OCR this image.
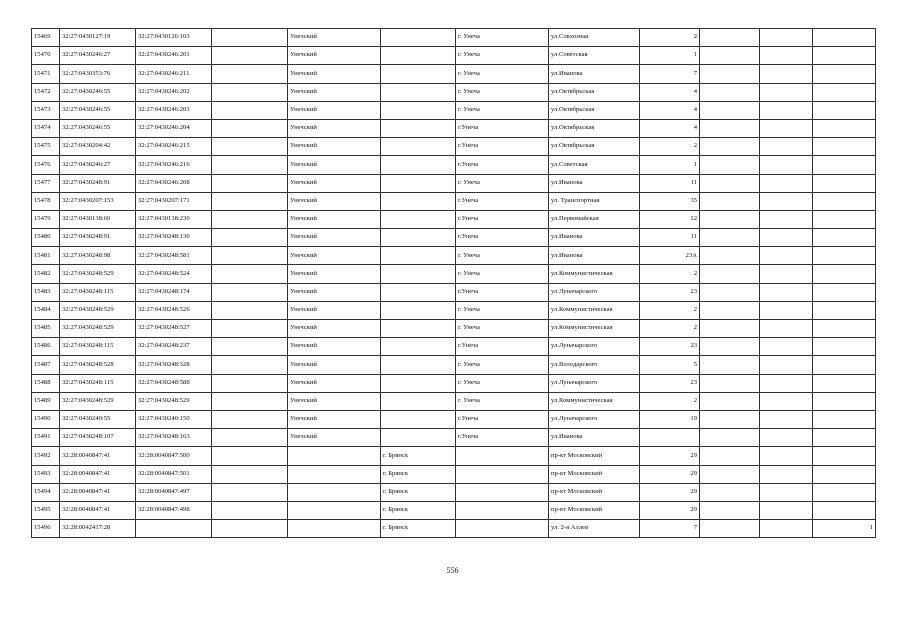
15469	32:27:0430127:19	32:27:0430126:103		Унечский		г. Унеча	ул.Совхозная	2			
15470	32:27:0430246:27	32:27:0430246:201		Унечский		г. Унеча	ул.Советская	1			
15471	32:27:0430353:76	32:27:0430246:211		Унечский		г. Унеча	ул.Иванова	7			
15472	32:27:0430246:55	32:27:0430246:202		Унечский		г. Унеча	ул.Октябрьская	4			
15473	32:27:0430246:55	32:27:0430246:203		Унечский		г. Унеча	ул.Октябрьская	4			
15474	32:27:0430246:55	32:27:0430246:204		Унечский		г.Унеча	ул.Октябрьская	4			
15475	32:27:0430204:42	32:27:0430246:215		Унечский		г.Унеча	ул.Октябрьская	2			
15476	32:27:0430246:27	32:27:0430246:216		Унечский		г.Унеча	ул.Советская	1			
15477	32:27:0430248:91	32:27:0430246:208		Унечский		г. Унеча	ул.Иванова	11			
15478	32:27:0430207:153	32:27:0430207:171		Унечский		г.Унеча	ул. Транспортная	35			
15479	32:27:0430138:60	32:27:0430138:230		Унечский		г.Унеча	ул.Первомайская	12			
15480	32:27:0430248:91	32:27:0430248:130		Унечский		г.Унеча	ул.Иванова	11			
15481	32:27:0430248:98	32:27:0430248:581		Унечский		г. Унеча	ул.Иванова	23А			
15482	32:27:0430248:529	32:27:0430248:524		Унечский		г. Унеча	ул.Коммунистическая	2			
15483	32:27:0430248:115	32:27:0430248:174		Унечский		г.Унеча	ул.Луначарского	23			
15484	32:27:0430248:529	32:27:0430248:526		Унечский		г. Унеча	ул.Коммунистическая	2			
15485	32:27:0430248:529	32:27:0430248:527		Унечский		г. Унеча	ул.Коммунистическая	2			
15486	32:27:0430248:115	32:27:0430248:237		Унечский		г.Унеча	ул.Луначарского	23			
15487	32:27:0430248:528	32:27:0430248:528		Унечский		г. Унеча	ул.Володарского	5			
15488	32:27:0430248:115	32:27:0430248:588		Унечский		г. Унеча	ул.Луначарского	23			
15489	32:27:0430248:529	32:27:0430248:529		Унечский		г. Унеча	ул.Коммунистическая	2			
15490	32:27:0430240:55	32:27:0430240:150		Унечский		г.Унеча	ул.Луначарского	19			
15491	32:27:0430248:107	32:27:0430248:163		Унечский		г.Унеча	ул.Иванова				
15492	32:28:0040847:41	32:28:0040847:500			г. Брянск		пр-кт Московский	29			
15493	32:28:0040847:41	32:28:0040847:501			г. Брянск		пр-кт Московский	29			
15494	32:28:0040847:41	32:28:0040847:497			г. Брянск		пр-кт Московский	29			
15495	32:28:0040847:41	32:28:0040847:498			г. Брянск		пр-кт Московский	29			
15496	32:28:0042417:28				г. Брянск		ул. 2-я Аллея	7			1
556
